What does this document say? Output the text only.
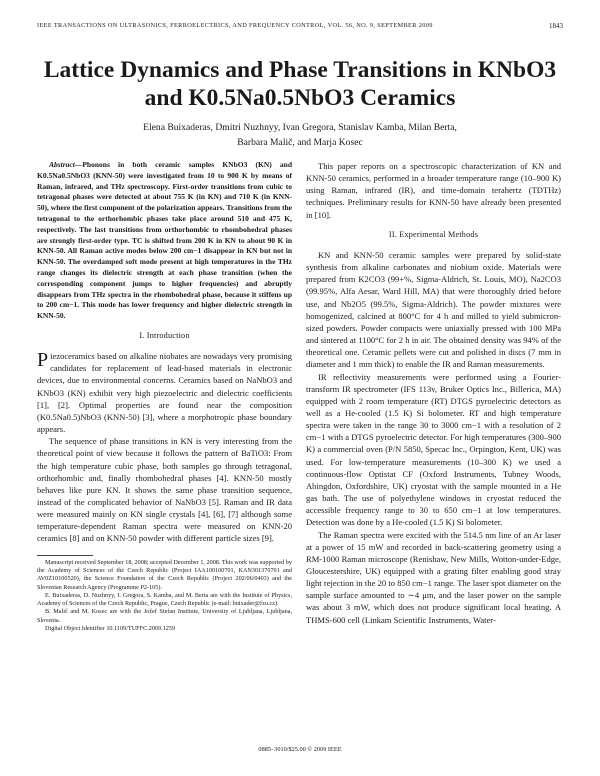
IEEE TRANSACTIONS ON ULTRASONICS, FERROELECTRICS, AND FREQUENCY CONTROL, VOL. 56, NO. 9, SEPTEMBER 2009	1843
Lattice Dynamics and Phase Transitions in KNbO3 and K0.5Na0.5NbO3 Ceramics
Elena Buixaderas, Dmitri Nuzhnyy, Ivan Gregora, Stanislav Kamba, Milan Berta,
Barbara Malič, and Marja Kosec

Abstract—Phonons in both ceramic samples KNbO3 (KN) and K0.5Na0.5NbO3 (KNN-50) were investigated from 10 to 900 K by means of Raman, infrared, and THz spectroscopy. First-order transitions from cubic to tetragonal phases were detected at about 755 K (in KN) and 710 K (in KNN-50), where the first component of the polarization appears. Transitions from the tetragonal to the orthorhombic phases take place around 510 and 475 K, respectively. The last transitions from orthorhombic to rhombohedral phases are strongly first-order type. TC is shifted from 200 K in KN to about 90 K in KNN-50. All Raman active modes below 200 cm−1 disappear in KN but not in KNN-50. The overdamped soft mode present at high temperatures in the THz range changes its dielectric strength at each phase transition (when the corresponding component jumps to higher frequencies) and abruptly disappears from THz spectra in the rhombohedral phase, because it stiffens up to 200 cm−1. This mode has lower frequency and higher dielectric strength in KNN-50.

I. Introduction

Piezoceramics based on alkaline niobates are nowadays very promising candidates for replacement of lead-based materials in electronic devices, due to environmental concerns. Ceramics based on NaNbO3 and KNbO3 (KN) exhibit very high piezoelectric and dielectric coefficients [1], [2]. Optimal properties are found near the composition (K0.5Na0.5)NbO3 (KNN-50) [3], where a morphotropic phase boundary appears.

The sequence of phase transitions in KN is very interesting from the theoretical point of view because it follows the pattern of BaTiO3: From the high temperature cubic phase, both samples go through tetragonal, orthorhombic and, finally rhombohedral phases [4]. KNN-50 mostly behaves like pure KN. It shows the same phase transition sequence, instead of the complicated behavior of NaNbO3 [5]. Raman and IR data were measured mainly on KN single crystals [4], [6], [7] although some temperature-dependent Raman spectra were measured on KNN-20 ceramics [8] and on KNN-50 powder with different particle sizes [9].

Manuscript received September 18, 2008; accepted December 1, 2008. This work was supported by the Academy of Sciences of the Czech Republic (Project IAA100100701, KAN301370701 and AV0Z10100520), the Science Foundation of the Czech Republic (Project 202/06/0403) and the Slovenian Research Agency (Programme P2-105).

E. Buixaderas, D. Nuzhnyy, I. Gregora, S. Kamba, and M. Berta are with the Institute of Physics, Academy of Sciences of the Czech Republic, Prague, Czech Republic (e-mail: buixader@fzu.cz).

B. Malič and M. Kosec are with the Jožef Stefan Institute, University of Ljubljana, Ljubljana, Slovenia.

Digital Object Identifier 10.1109/TUFFC.2009.1259

This paper reports on a spectroscopic characterization of KN and KNN-50 ceramics, performed in a broader temperature range (10–900 K) using Raman, infrared (IR), and time-domain terahertz (TDTHz) techniques. Preliminary results for KNN-50 have already been presented in [10].

II. Experimental Methods

KN and KNN-50 ceramic samples were prepared by solid-state synthesis from alkaline carbonates and niobium oxide. Materials were prepared from K2CO3 (99+%, Sigma-Aldrich, St. Louis, MO), Na2CO3 (99.95%, Alfa Aesar, Ward Hill, MA) that were thoroughly dried before use, and Nb2O5 (99.5%, Sigma-Aldrich). The powder mixtures were homogenized, calcined at 800°C for 4 h and milled to yield submicron-sized powders. Powder compacts were uniaxially pressed with 100 MPa and sintered at 1100°C for 2 h in air. The obtained density was 94% of the theoretical one. Ceramic pellets were cut and polished in discs (7 mm in diameter and 1 mm thick) to enable the IR and Raman measurements.

IR reflectivity measurements were performed using a Fourier-transform IR spectrometer (IFS 113v, Bruker Optics Inc., Billerica, MA) equipped with 2 room temperature (RT) DTGS pyroelectric detectors as well as a He-cooled (1.5 K) Si bolometer. RT and high temperature spectra were taken in the range 30 to 3000 cm−1 with a resolution of 2 cm−1 with a DTGS pyroelectric detector. For high temperatures (300–900 K) a commercial oven (P/N 5850, Specac Inc., Orpington, Kent, UK) was used. For low-temperature measurements (10–300 K) we used a continuous-flow Optistat CF (Oxford Instruments, Tubney Woods, Abingdon, Oxfordshire, UK) cryostat with the sample mounted in a He gas bath. The use of polyethylene windows in cryostat reduced the accessible frequency range to 30 to 650 cm−1 at low temperatures. Detection was done by a He-cooled (1.5 K) Si bolometer.

The Raman spectra were excited with the 514.5 nm line of an Ar laser at a power of 15 mW and recorded in back-scattering geometry using a RM-1000 Raman microscope (Renishaw, New Mills, Wotton-under-Edge, Gloucestershire, UK) equipped with a grating filter enabling good stray light rejection in the 20 to 850 cm−1 range. The laser spot diameter on the sample surface amounted to ∼4 μm, and the laser power on the sample was about 3 mW, which does not produce significant local heating. A THMS-600 cell (Linkam Scientific Instruments, Water-

0885–3010/$25.00 © 2009 IEEE
